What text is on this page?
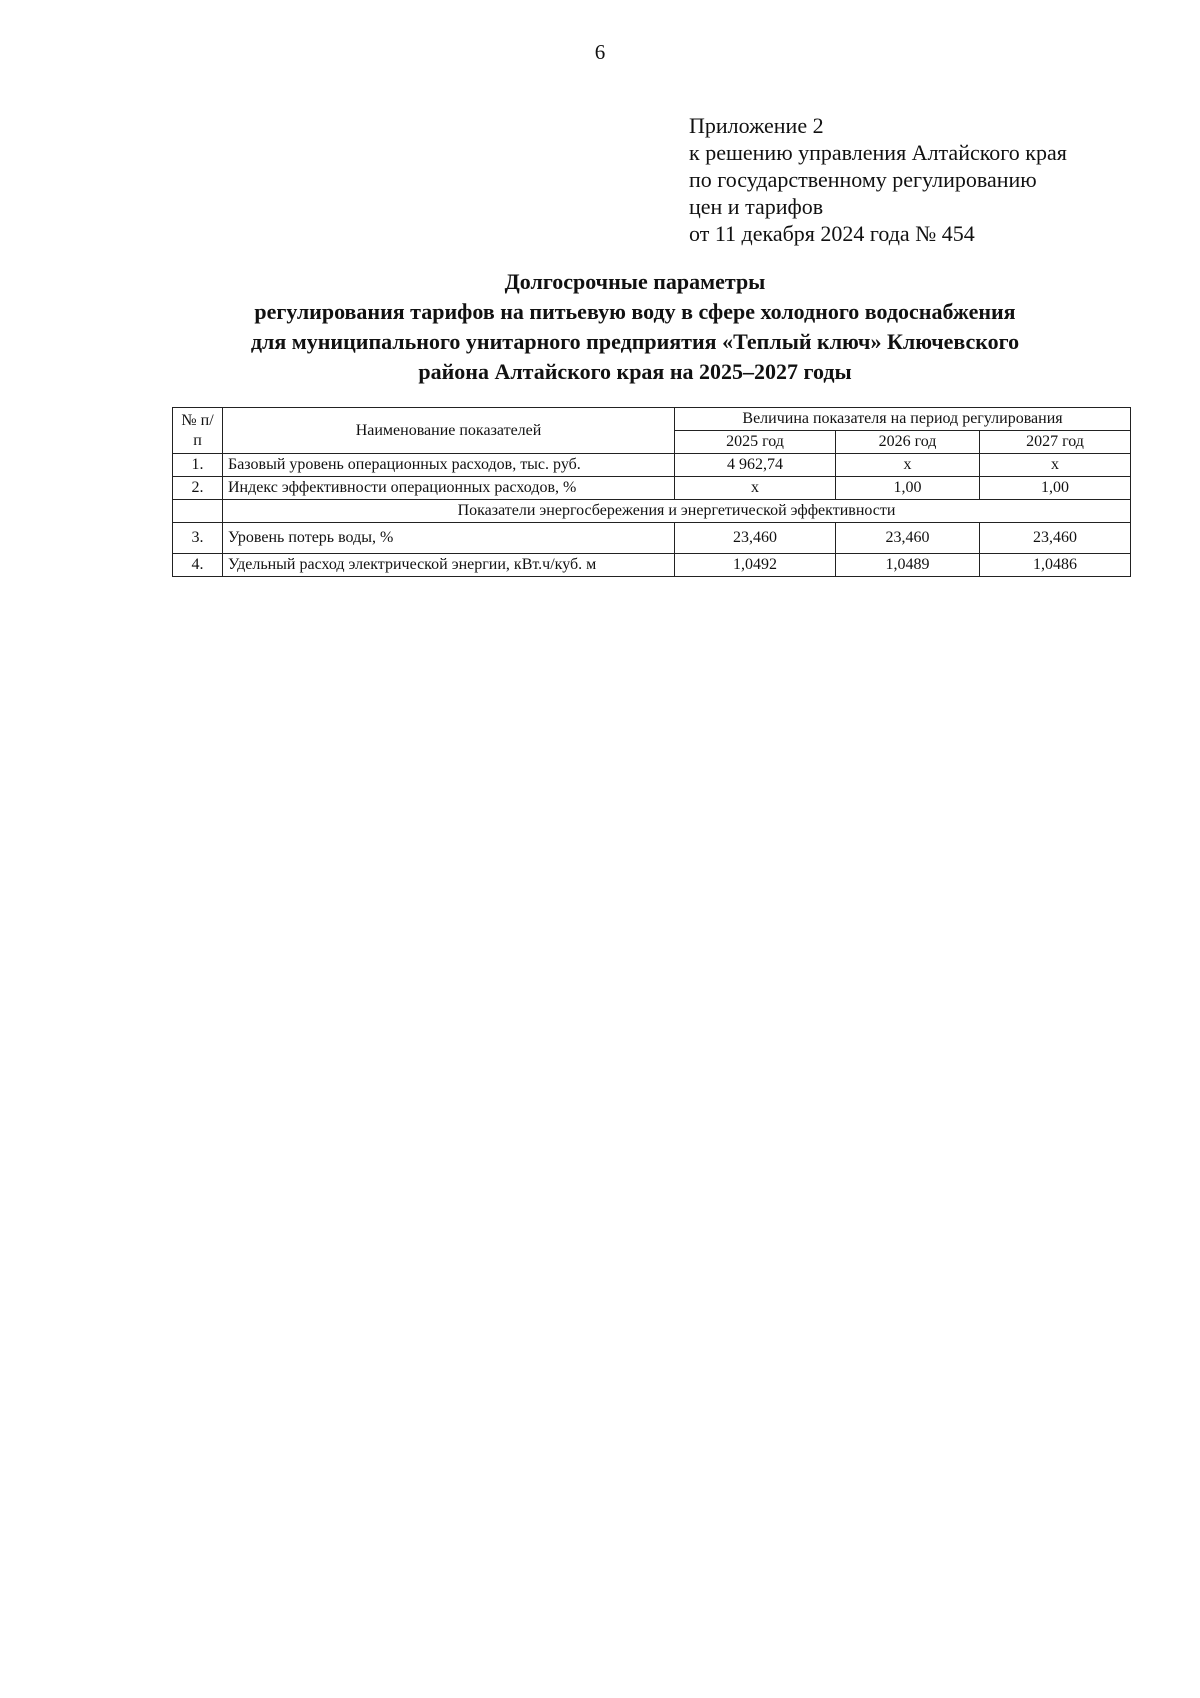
6
Приложение 2
к решению управления Алтайского края
по государственному регулированию
цен и тарифов
от 11 декабря 2024 года № 454
Долгосрочные параметры
регулирования тарифов на питьевую воду в сфере холодного водоснабжения
для муниципального унитарного предприятия «Теплый ключ» Ключевского
района Алтайского края на 2025–2027 годы
№ п/п	Наименование показателей	Величина показателя на период регулирования		
		2025 год	2026 год	2027 год
1.	Базовый уровень операционных расходов, тыс. руб.	4 962,74	х	х
2.	Индекс эффективности операционных расходов, %	х	1,00	1,00
	Показатели энергосбережения и энергетической эффективности			
3.	Уровень потерь воды, %	23,460	23,460	23,460
4.	Удельный расход электрической энергии, кВт.ч/куб. м	1,0492	1,0489	1,0486
